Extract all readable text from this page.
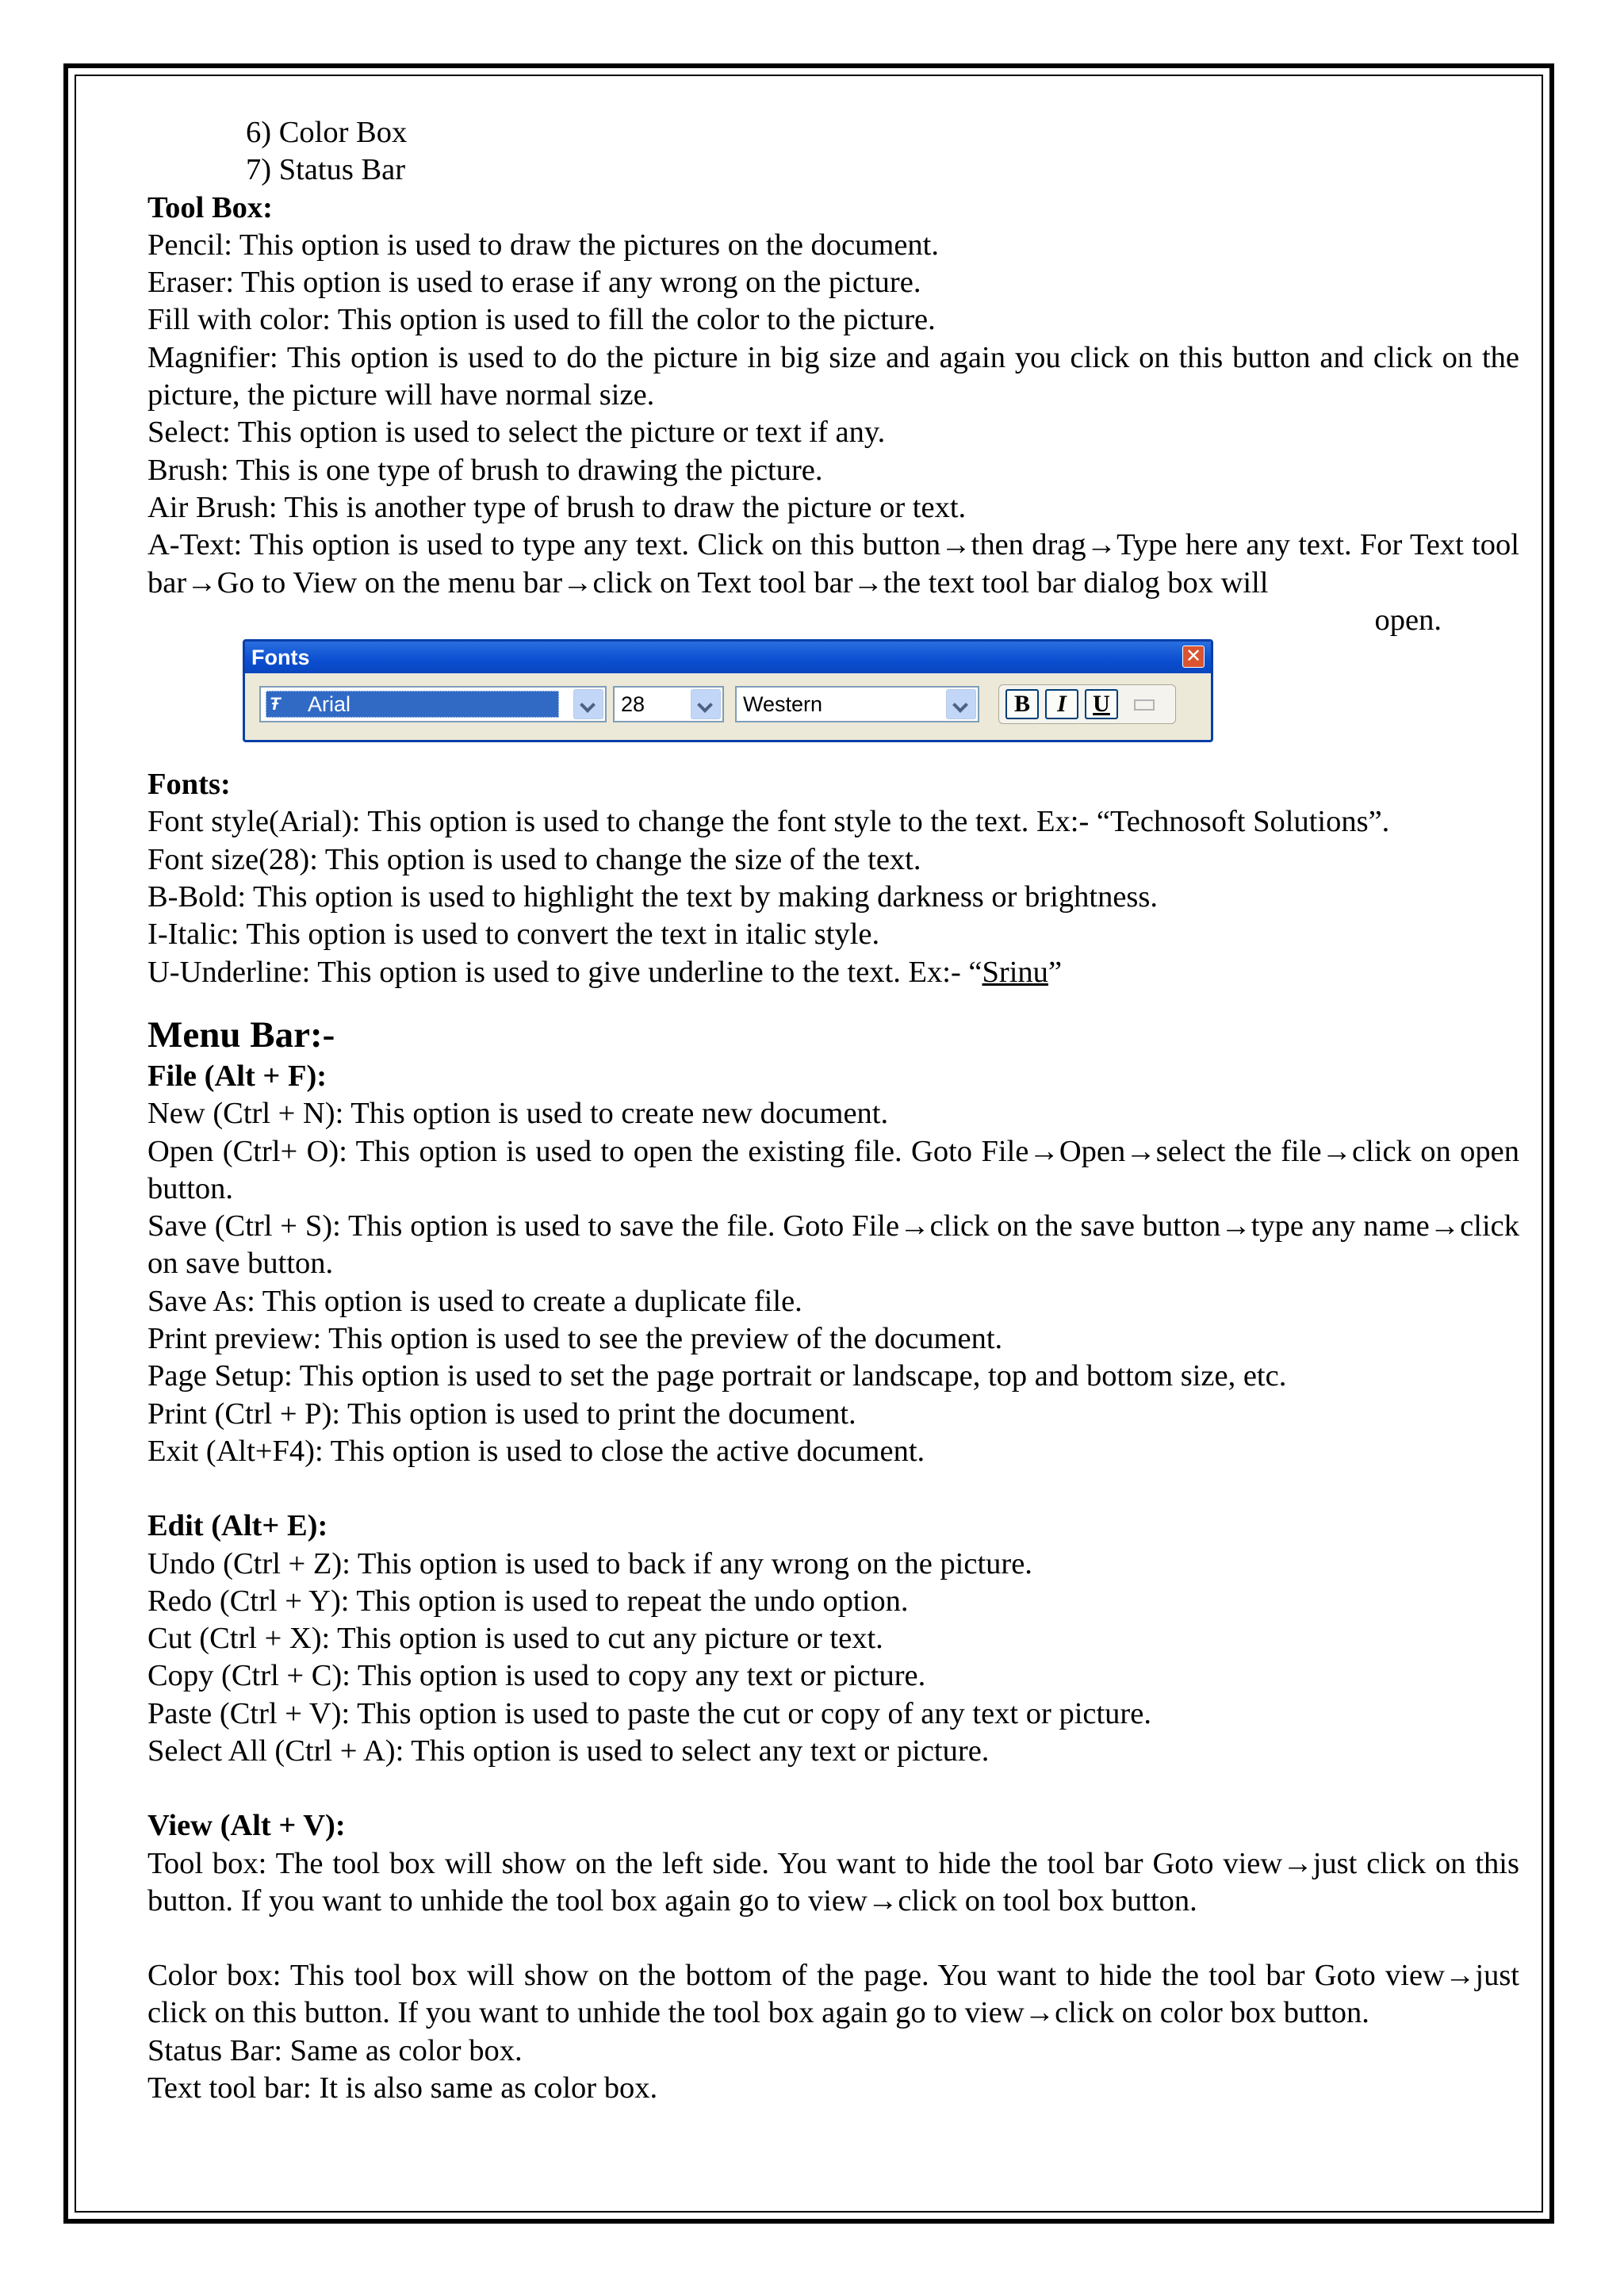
6) Color Box

7) Status Bar

Tool Box:

Pencil: This option is used to draw the pictures on the document.

Eraser: This option is used to erase if any wrong on the picture.

Fill with color: This option is used to fill the color to the picture.

Magnifier: This option is used to do the picture in big size and again you click on this button and click on the picture, the picture will have normal size.

Select: This option is used to select the picture or text if any.

Brush: This is one type of brush to drawing the picture.

Air Brush: This is another type of brush to draw the picture or text.

A-Text: This option is used to type any text. Click on this button→then drag→Type here any text. For Text tool bar→Go to View on the menu bar→click on Text tool bar→the text tool bar dialog box will

open.

Fonts	✕
Ŧ	Arial	28	Western	B	I	U

Fonts:

Font style(Arial): This option is used to change the font style to the text. Ex:- “Technosoft Solutions”.

Font size(28): This option is used to change the size of the text.

B-Bold: This option is used to highlight the text by making darkness or brightness.

I-Italic: This option is used to convert the text in italic style.

U-Underline: This option is used to give underline to the text. Ex:- “Srinu”

Menu Bar:-

File (Alt + F):

New (Ctrl + N): This option is used to create new document.

Open (Ctrl+ O): This option is used to open the existing file. Goto File→Open→select the file→click on open button.

Save (Ctrl + S): This option is used to save the file. Goto File→click on the save button→type any name→click on save button.

Save As: This option is used to create a duplicate file.

Print preview: This option is used to see the preview of the document.

Page Setup: This option is used to set the page portrait or landscape, top and bottom size, etc.

Print (Ctrl + P): This option is used to print the document.

Exit (Alt+F4): This option is used to close the active document.

Edit (Alt+ E):

Undo (Ctrl + Z): This option is used to back if any wrong on the picture.

Redo (Ctrl + Y): This option is used to repeat the undo option.

Cut (Ctrl + X): This option is used to cut any picture or text.

Copy (Ctrl + C): This option is used to copy any text or picture.

Paste (Ctrl + V): This option is used to paste the cut or copy of any text or picture.

Select All (Ctrl + A): This option is used to select any text or picture.

View (Alt + V):

Tool box: The tool box will show on the left side. You want to hide the tool bar Goto view→just click on this button. If you want to unhide the tool box again go to view→click on tool box button.

Color box: This tool box will show on the bottom of the page. You want to hide the tool bar Goto view→just click on this button. If you want to unhide the tool box again go to view→click on color box button.

Status Bar: Same as color box.

Text tool bar: It is also same as color box.
